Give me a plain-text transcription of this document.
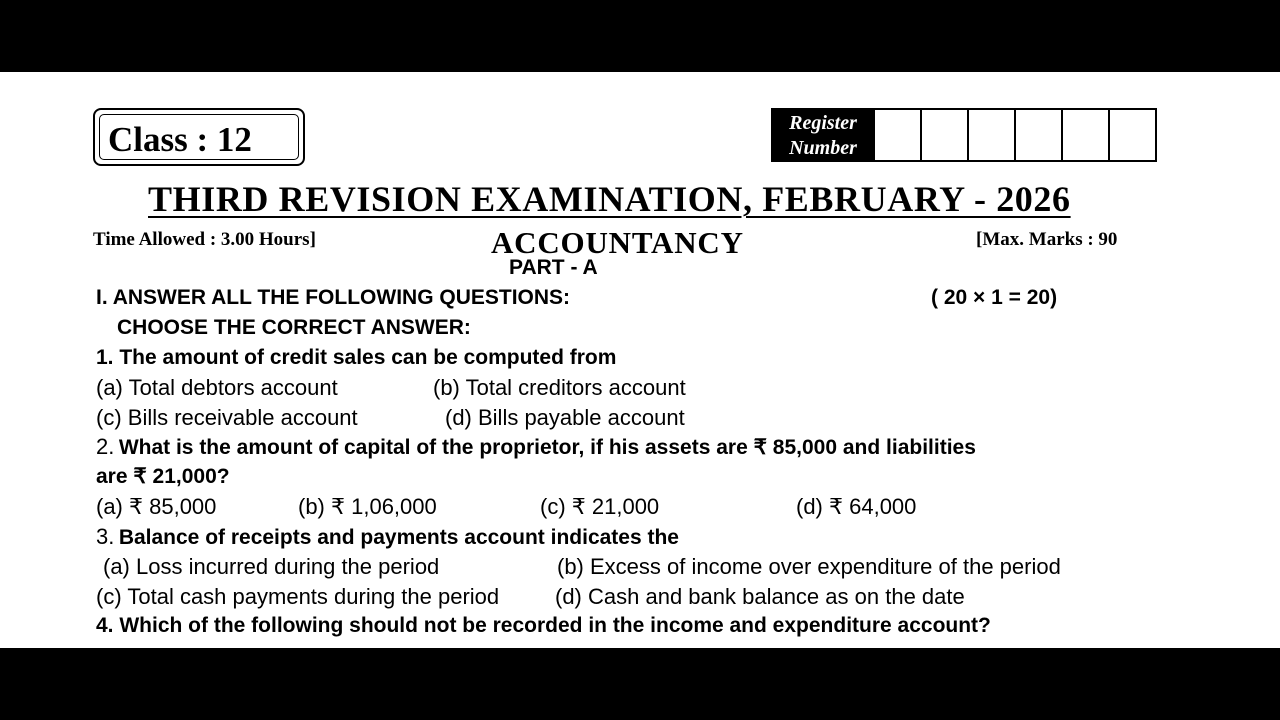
Class : 12	Register
Number
THIRD REVISION EXAMINATION, FEBRUARY - 2026
Time Allowed : 3.00 Hours]	ACCOUNTANCY	[Max. Marks : 90
PART - A
I. ANSWER ALL THE FOLLOWING QUESTIONS:	( 20 × 1 = 20)
CHOOSE THE CORRECT ANSWER:
1. The amount of credit sales can be computed from
(a) Total debtors account	(b) Total creditors account
(c) Bills receivable account	(d) Bills payable account
2. What is the amount of capital of the proprietor, if his assets are ₹ 85,000 and liabilities
are ₹ 21,000?
(a) ₹ 85,000	(b) ₹ 1,06,000	(c) ₹ 21,000	(d) ₹ 64,000
3. Balance of receipts and payments account indicates the
(a) Loss incurred during the period	(b) Excess of income over expenditure of the period
(c) Total cash payments during the period	(d) Cash and bank balance as on the date
4. Which of the following should not be recorded in the income and expenditure account?
